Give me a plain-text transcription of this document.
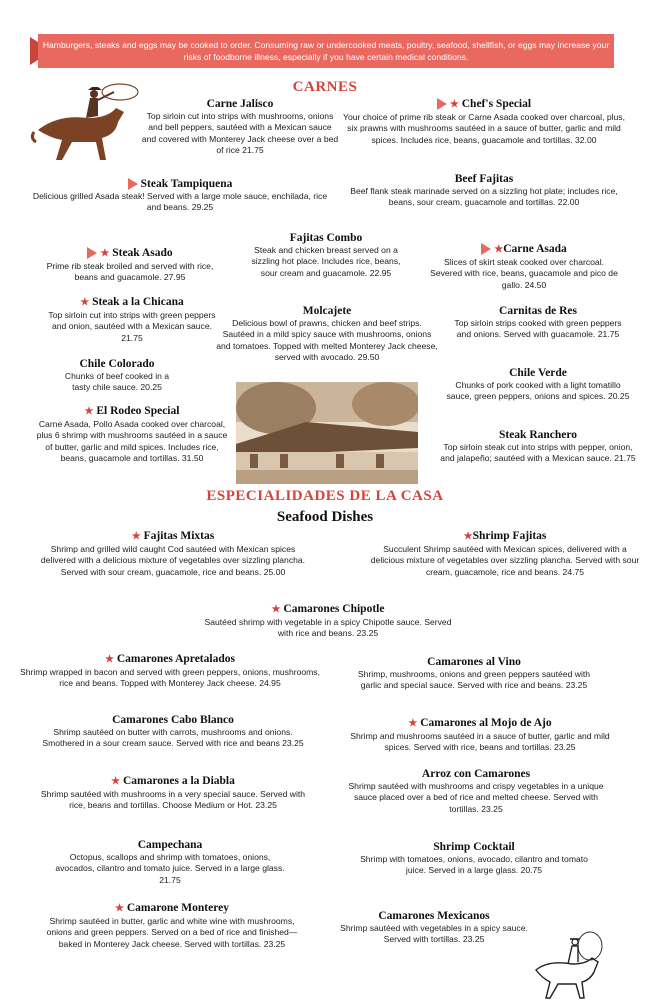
Hamburgers, steaks and eggs may be cooked to order. Consuming raw or undercooked meats, poultry, seafood, shellfish, or eggs may increase your risks of foodborne illness, especially if you have certain medical conditions.
CARNES
Carne Jalisco
Top sirloin cut into strips with mushrooms, onions and bell peppers, sautéed with a Mexican sauce and covered with Monterey Jack cheese over a bed of rice 21.75
★ Chef's Special
Your choice of prime rib steak or Carne Asada cooked over charcoal, plus, six prawns with mushrooms sautéed in a sauce of butter, garlic and mild spices. Includes rice, beans, guacamole and tortillas. 32.00
Beef Fajitas
Beef flank steak marinade served on a sizzling hot plate; includes rice, beans, sour cream, guacamole and tortillas. 22.00
Steak Tampiquena
Delicious grilled Asada steak! Served with a large mole sauce, enchilada, rice and beans. 29.25
Fajitas Combo
Steak and chicken breast served on a sizzling hot place. Includes rice, beans, sour cream and guacamole. 22.95
★ Steak Asado
Prime rib steak broiled and served with rice, beans and guacamole. 27.95
★Carne Asada
Slices of skirt steak cooked over charcoal. Severed with rice, beans, guacamole and pico de gallo. 24.50
★ Steak a la Chicana
Top sirloin cut into strips with green peppers and onion, sautéed with a Mexican sauce. 21.75
Molcajete
Delicious bowl of prawns, chicken and beef strips. Sautéed in a mild spicy sauce with mushrooms, onions and tomatoes. Topped with melted Monterey Jack cheese, served with avocado. 29.50
Carnitas de Res
Top sirloin strips cooked with green peppers and onions. Served with guacamole. 21.75
Chile Colorado
Chunks of beef cooked in a tasty chile sauce. 20.25
Chile Verde
Chunks of pork cooked with a light tomatillo sauce, green peppers, onions and spices. 20.25
★ El Rodeo Special
Carne Asada, Pollo Asada cooked over charcoal, plus 6 shrimp with mushrooms sautéed in a sauce of butter, garlic and mild spices. Includes rice, beans, guacamole and tortillas. 31.50
Steak Ranchero
Top sirloin steak cut into strips with pepper, onion, and jalapeño; sautéed with a Mexican sauce. 21.75
ESPECIALIDADES DE LA CASA
Seafood Dishes
★ Fajitas Mixtas
Shrimp and grilled wild caught Cod sautéed with Mexican spices delivered with a delicious mixture of vegetables over sizzling plancha. Served with sour cream, guacamole, rice and beans. 25.00
★Shrimp Fajitas
Succulent Shrimp sautéed with Mexican spices, delivered with a delicious mixture of vegetables over sizzling plancha. Served with sour cream, guacamole, rice and beans. 24.75
★ Camarones Chipotle
Sautéed shrimp with vegetable in a spicy Chipotle sauce. Served with rice and beans. 23.25
★ Camarones Apretalados
Shrimp wrapped in bacon and served with green peppers, onions, mushrooms, rice and beans. Topped with Monterey Jack cheese. 24.95
Camarones al Vino
Shrimp, mushrooms, onions and green peppers sautéed with garlic and special sauce. Served with rice and beans. 23.25
Camarones Cabo Blanco
Shrimp sautéed on butter with carrots, mushrooms and onions. Smothered in a sour cream sauce. Served with rice and beans 23.25
★ Camarones al Mojo de Ajo
Shrimp and mushrooms sautéed in a sauce of butter, garlic and mild spices. Served with rice, beans and tortillas. 23.25
★ Camarones a la Diabla
Shrimp sautéed with mushrooms in a very special sauce. Served with rice, beans and tortillas. Choose Medium or Hot. 23.25
Arroz con Camarones
Shrimp sautéed with mushrooms and crispy vegetables in a unique sauce placed over a bed of rice and melted cheese. Served with tortillas. 23.25
Campechana
Octopus, scallops and shrimp with tomatoes, onions, avocados, cilantro and tomato juice. Served in a large glass. 21.75
Shrimp Cocktail
Shrimp with tomatoes, onions, avocado, cilantro and tomato juice. Served in a large glass. 20.75
★ Camarone Monterey
Shrimp sautéed in butter, garlic and white wine with mushrooms, onions and green peppers. Served on a bed of rice and finished—baked in Monterey Jack cheese. Served with tortillas. 23.25
Camarones Mexicanos
Shrimp sautéed with vegetables in a spicy sauce. Served with tortillas. 23.25
